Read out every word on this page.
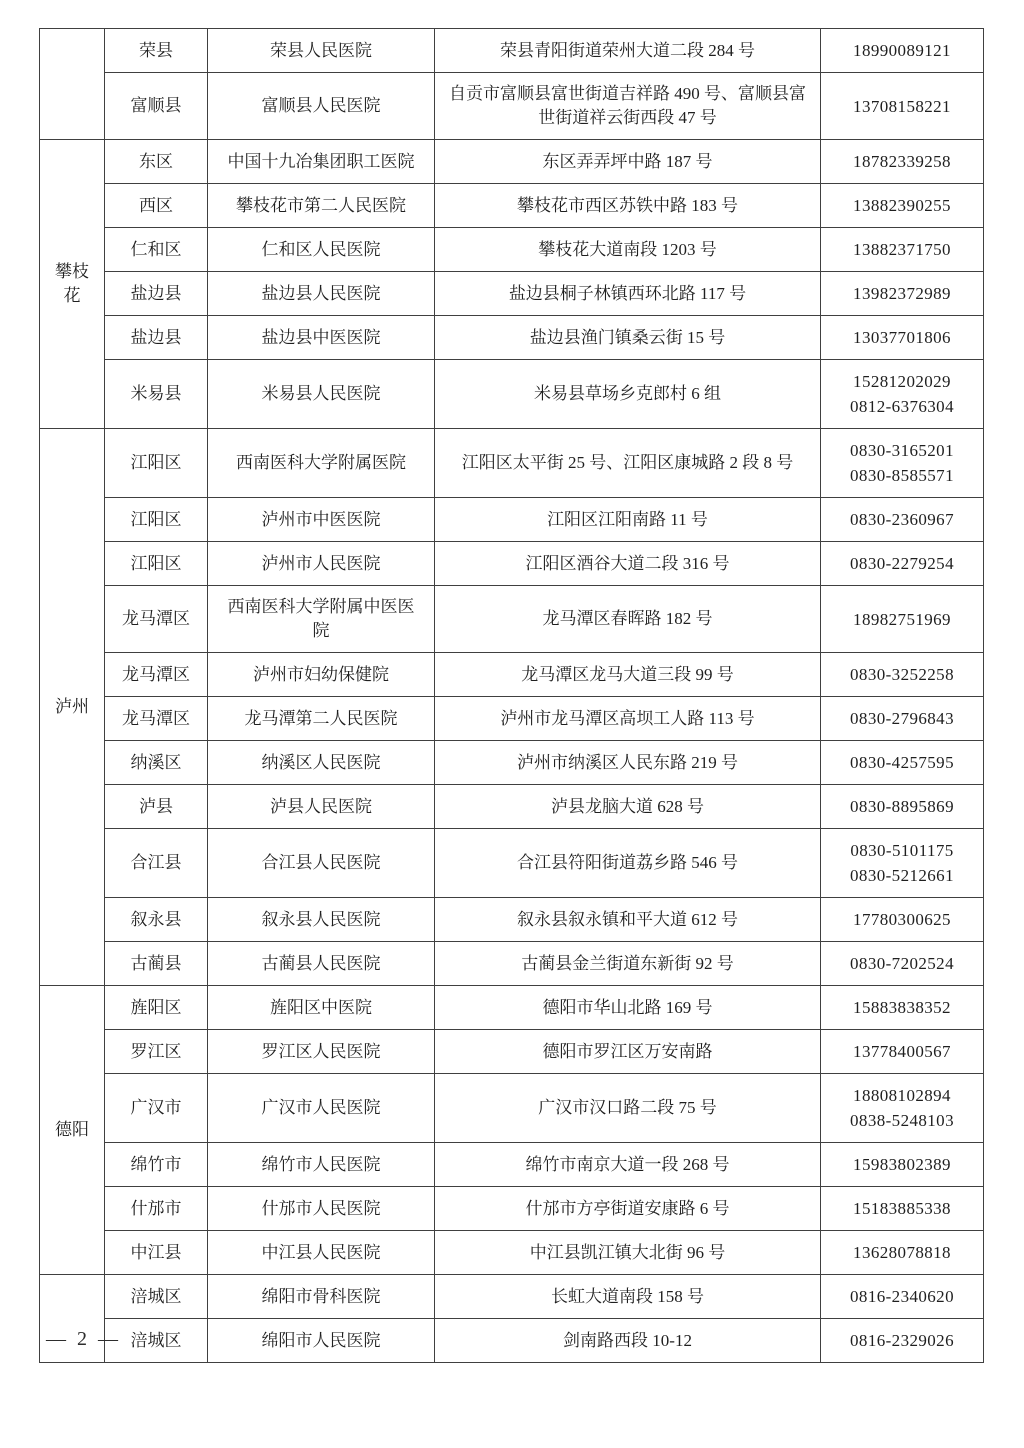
	荣县	荣县人民医院	荣县青阳街道荣州大道二段 284 号	18990089121

	富顺县	富顺县人民医院	自贡市富顺县富世街道吉祥路 490 号、富顺县富世街道祥云街西段 47 号	13708158221

攀枝花	东区	中国十九冶集团职工医院	东区弄弄坪中路 187 号	18782339258

	西区	攀枝花市第二人民医院	攀枝花市西区苏铁中路 183 号	13882390255

	仁和区	仁和区人民医院	攀枝花大道南段 1203 号	13882371750

	盐边县	盐边县人民医院	盐边县桐子林镇西环北路 117 号	13982372989

	盐边县	盐边县中医医院	盐边县渔门镇桑云街 15 号	13037701806

	米易县	米易县人民医院	米易县草场乡克郎村 6 组	15281202029
0812-6376304

泸州	江阳区	西南医科大学附属医院	江阳区太平街 25 号、江阳区康城路 2 段 8 号	0830-3165201
0830-8585571

	江阳区	泸州市中医医院	江阳区江阳南路 11 号	0830-2360967

	江阳区	泸州市人民医院	江阳区酒谷大道二段 316 号	0830-2279254

	龙马潭区	西南医科大学附属中医医院	龙马潭区春晖路 182 号	18982751969

	龙马潭区	泸州市妇幼保健院	龙马潭区龙马大道三段 99 号	0830-3252258

	龙马潭区	龙马潭第二人民医院	泸州市龙马潭区高坝工人路 113 号	0830-2796843

	纳溪区	纳溪区人民医院	泸州市纳溪区人民东路 219 号	0830-4257595

	泸县	泸县人民医院	泸县龙脑大道 628 号	0830-8895869

	合江县	合江县人民医院	合江县符阳街道荔乡路 546 号	0830-5101175
0830-5212661

	叙永县	叙永县人民医院	叙永县叙永镇和平大道 612 号	17780300625

	古蔺县	古蔺县人民医院	古蔺县金兰街道东新街 92 号	0830-7202524

德阳	旌阳区	旌阳区中医院	德阳市华山北路 169 号	15883838352

	罗江区	罗江区人民医院	德阳市罗江区万安南路	13778400567

	广汉市	广汉市人民医院	广汉市汉口路二段 75 号	18808102894
0838-5248103

	绵竹市	绵竹市人民医院	绵竹市南京大道一段 268 号	15983802389

	什邡市	什邡市人民医院	什邡市方亭街道安康路 6 号	15183885338

	中江县	中江县人民医院	中江县凯江镇大北街 96 号	13628078818

	涪城区	绵阳市骨科医院	长虹大道南段 158 号	0816-2340620

	涪城区	绵阳市人民医院	剑南路西段 10-12	0816-2329026
— 2 —
